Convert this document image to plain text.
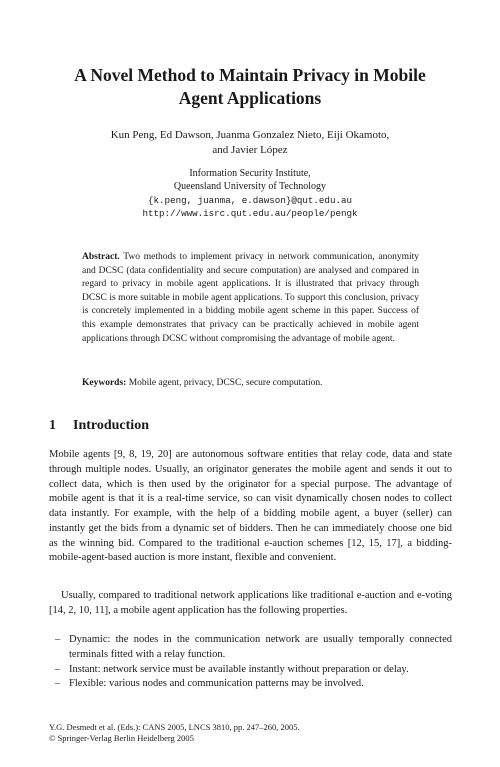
A Novel Method to Maintain Privacy in Mobile
Agent Applications
Kun Peng, Ed Dawson, Juanma Gonzalez Nieto, Eiji Okamoto,
and Javier López
Information Security Institute,
Queensland University of Technology
{k.peng, juanma, e.dawson}@qut.edu.au
http://www.isrc.qut.edu.au/people/pengk

Abstract. Two methods to implement privacy in network communication, anonymity and DCSC (data confidentiality and secure computation) are analysed and compared in regard to privacy in mobile agent applications. It is illustrated that privacy through DCSC is more suitable in mobile agent applications. To support this conclusion, privacy is concretely implemented in a bidding mobile agent scheme in this paper. Success of this example demonstrates that privacy can be practically achieved in mobile agent applications through DCSC without compromising the advantage of mobile agent.

Keywords: Mobile agent, privacy, DCSC, secure computation.

1 Introduction

Mobile agents [9, 8, 19, 20] are autonomous software entities that relay code, data and state through multiple nodes. Usually, an originator generates the mobile agent and sends it out to collect data, which is then used by the originator for a special purpose. The advantage of mobile agent is that it is a real-time service, so can visit dynamically chosen nodes to collect data instantly. For example, with the help of a bidding mobile agent, a buyer (seller) can instantly get the bids from a dynamic set of bidders. Then he can immediately choose one bid as the winning bid. Compared to the traditional e-auction schemes [12, 15, 17], a bidding-mobile-agent-based auction is more instant, flexible and convenient.

Usually, compared to traditional network applications like traditional e-auction and e-voting [14, 2, 10, 11], a mobile agent application has the following properties.

– Dynamic: the nodes in the communication network are usually temporally connected terminals fitted with a relay function.
– Instant: network service must be available instantly without preparation or delay.
– Flexible: various nodes and communication patterns may be involved.
Y.G. Desmedt et al. (Eds.): CANS 2005, LNCS 3810, pp. 247–260, 2005.
© Springer-Verlag Berlin Heidelberg 2005
